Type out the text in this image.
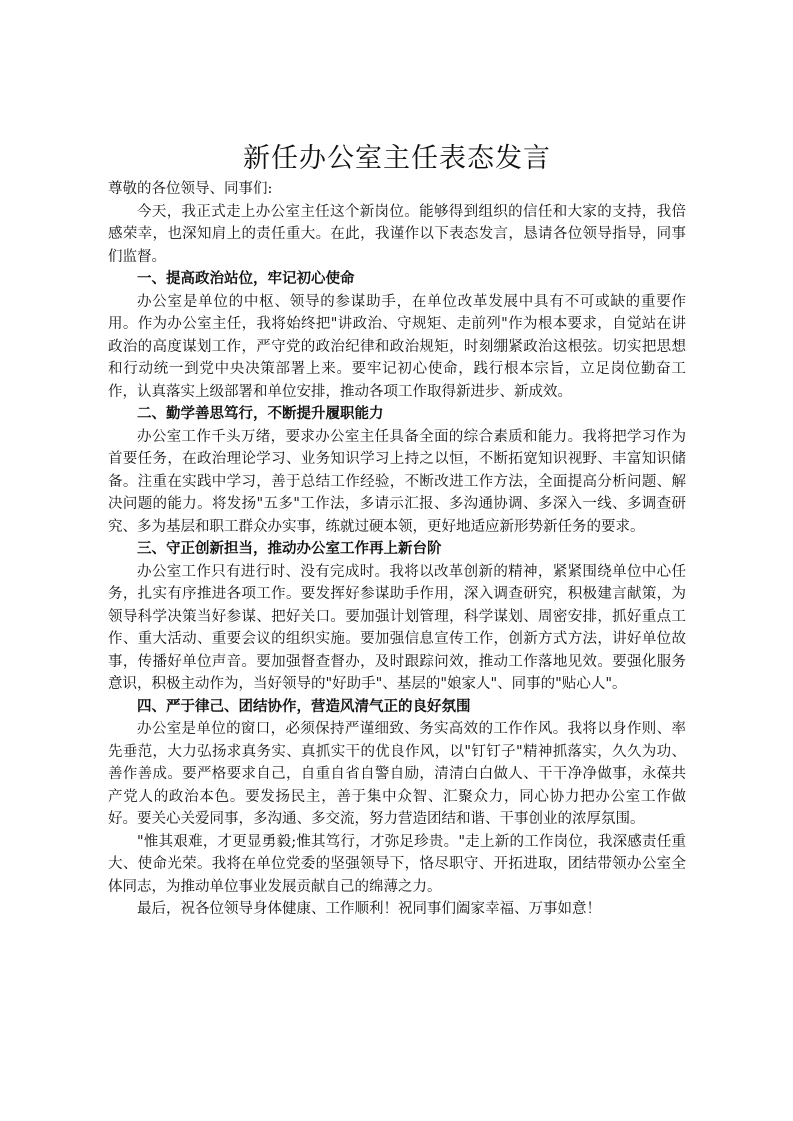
新任办公室主任表态发言

尊敬的各位领导、同事们:

今天，我正式走上办公室主任这个新岗位。能够得到组织的信任和大家的支持，我倍感荣幸，也深知肩上的责任重大。在此，我谨作以下表态发言，恳请各位领导指导，同事们监督。

一、提高政治站位，牢记初心使命

办公室是单位的中枢、领导的参谋助手，在单位改革发展中具有不可或缺的重要作用。作为办公室主任，我将始终把"讲政治、守规矩、走前列"作为根本要求，自觉站在讲政治的高度谋划工作，严守党的政治纪律和政治规矩，时刻绷紧政治这根弦。切实把思想和行动统一到党中央决策部署上来。要牢记初心使命，践行根本宗旨，立足岗位勤奋工作，认真落实上级部署和单位安排，推动各项工作取得新进步、新成效。

二、勤学善思笃行，不断提升履职能力

办公室工作千头万绪，要求办公室主任具备全面的综合素质和能力。我将把学习作为首要任务，在政治理论学习、业务知识学习上持之以恒，不断拓宽知识视野、丰富知识储备。注重在实践中学习，善于总结工作经验，不断改进工作方法，全面提高分析问题、解决问题的能力。将发扬"五多"工作法，多请示汇报、多沟通协调、多深入一线、多调查研究、多为基层和职工群众办实事，练就过硬本领，更好地适应新形势新任务的要求。

三、守正创新担当，推动办公室工作再上新台阶

办公室工作只有进行时、没有完成时。我将以改革创新的精神，紧紧围绕单位中心任务，扎实有序推进各项工作。要发挥好参谋助手作用，深入调查研究，积极建言献策，为领导科学决策当好参谋、把好关口。要加强计划管理，科学谋划、周密安排，抓好重点工作、重大活动、重要会议的组织实施。要加强信息宣传工作，创新方式方法，讲好单位故事，传播好单位声音。要加强督查督办，及时跟踪问效，推动工作落地见效。要强化服务意识，积极主动作为，当好领导的"好助手"、基层的"娘家人"、同事的"贴心人"。

四、严于律己、团结协作，营造风清气正的良好氛围

办公室是单位的窗口，必须保持严谨细致、务实高效的工作作风。我将以身作则、率先垂范，大力弘扬求真务实、真抓实干的优良作风，以"钉钉子"精神抓落实，久久为功、善作善成。要严格要求自己，自重自省自警自励，清清白白做人、干干净净做事，永葆共产党人的政治本色。要发扬民主，善于集中众智、汇聚众力，同心协力把办公室工作做好。要关心关爱同事，多沟通、多交流，努力营造团结和谐、干事创业的浓厚氛围。

"惟其艰难，才更显勇毅;惟其笃行，才弥足珍贵。"走上新的工作岗位，我深感责任重大、使命光荣。我将在单位党委的坚强领导下，恪尽职守、开拓进取，团结带领办公室全体同志，为推动单位事业发展贡献自己的绵薄之力。

最后，祝各位领导身体健康、工作顺利！祝同事们阖家幸福、万事如意！
